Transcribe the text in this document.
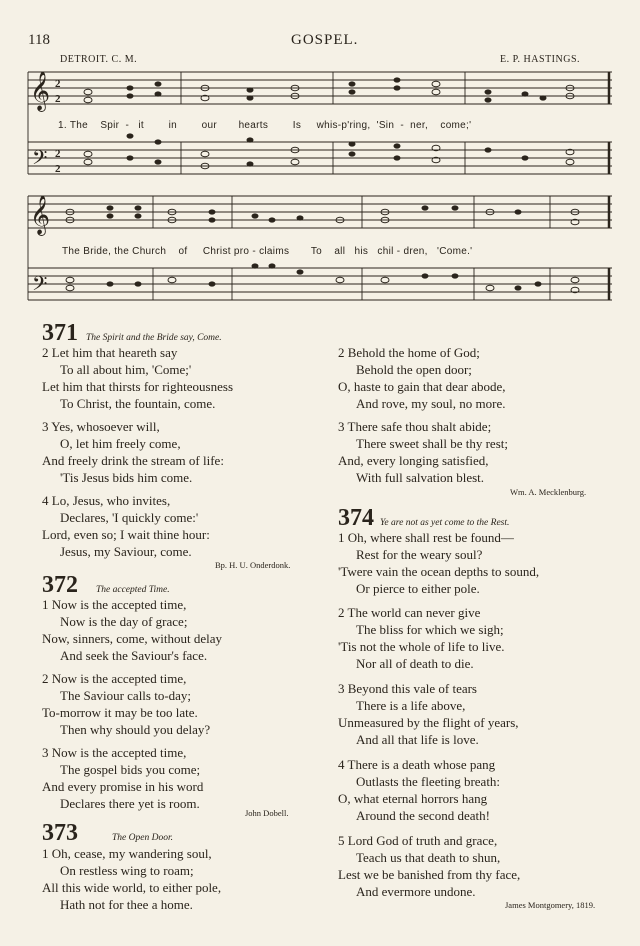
118	GOSPEL.
DETROIT. C. M.	E. P. HASTINGS.
𝄞
𝄢
2
2
2
2
1. The Spir - it in our hearts Is whis-p'ring, 'Sin - ner, come;'
𝄞
𝄢
The Bride, the Church of Christ pro - claims To all his chil - dren, 'Come.'
371 The Spirit and the Bride say, Come.
2 Let him that heareth say
To all about him, 'Come;'
Let him that thirsts for righteousness
To Christ, the fountain, come.
3 Yes, whosoever will,
O, let him freely come,
And freely drink the stream of life:
'Tis Jesus bids him come.
4 Lo, Jesus, who invites,
Declares, 'I quickly come:'
Lord, even so; I wait thine hour:
Jesus, my Saviour, come.
Bp. H. U. Onderdonk.
372 The accepted Time.
1 Now is the accepted time,
Now is the day of grace;
Now, sinners, come, without delay
And seek the Saviour's face.
2 Now is the accepted time,
The Saviour calls to-day;
To-morrow it may be too late.
Then why should you delay?
3 Now is the accepted time,
The gospel bids you come;
And every promise in his word
Declares there yet is room.
John Dobell.
373	The Open Door.
1 Oh, cease, my wandering soul,
On restless wing to roam;
All this wide world, to either pole,
Hath not for thee a home.
2 Behold the home of God;
Behold the open door;
O, haste to gain that dear abode,
And rove, my soul, no more.
3 There safe thou shalt abide;
There sweet shall be thy rest;
And, every longing satisfied,
With full salvation blest.
Wm. A. Mecklenburg.
374 Ye are not as yet come to the Rest.
1 Oh, where shall rest be found—
Rest for the weary soul?
'Twere vain the ocean depths to sound,
Or pierce to either pole.
2 The world can never give
The bliss for which we sigh;
'Tis not the whole of life to live.
Nor all of death to die.
3 Beyond this vale of tears
There is a life above,
Unmeasured by the flight of years,
And all that life is love.
4 There is a death whose pang
Outlasts the fleeting breath:
O, what eternal horrors hang
Around the second death!
5 Lord God of truth and grace,
Teach us that death to shun,
Lest we be banished from thy face,
And evermore undone.
James Montgomery, 1819.
